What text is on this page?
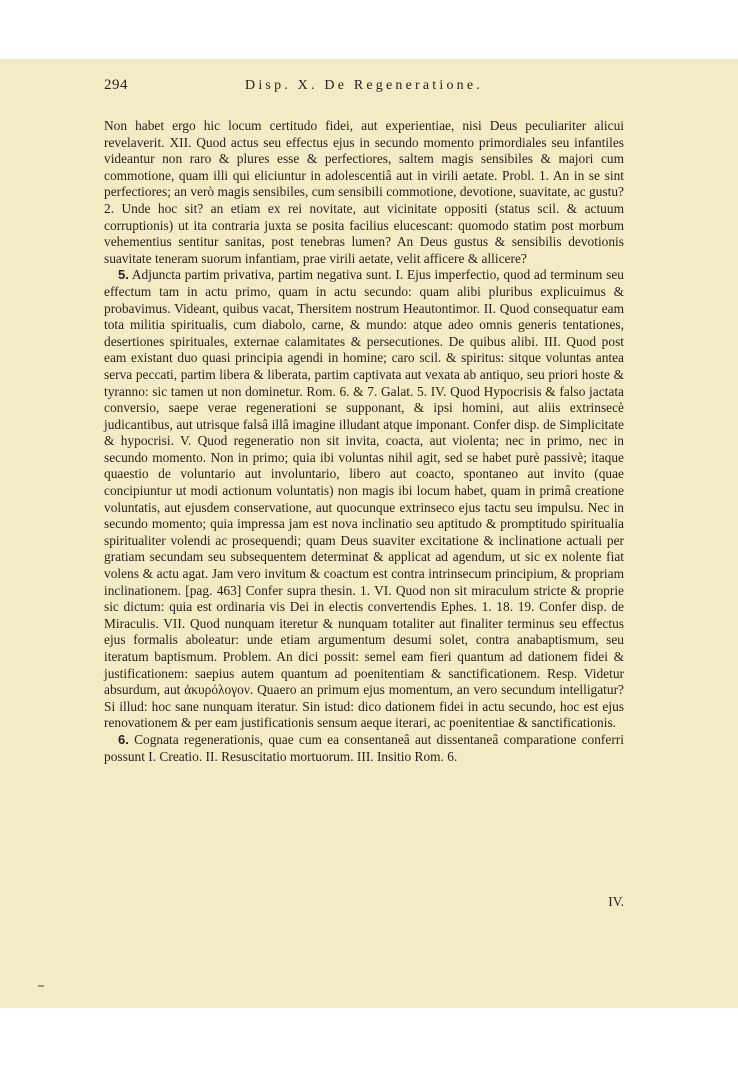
294	Disp. X. De Regeneratione.

Non habet ergo hic locum certitudo fidei, aut experientiae, nisi Deus peculiariter alicui revelaverit. XII. Quod actus seu effectus ejus in secundo momento primordiales seu infantiles videantur non raro & plures esse & perfectiores, saltem magis sensibiles & majori cum commotione, quam illi qui eliciuntur in adolescentiâ aut in virili aetate. Probl. 1. An in se sint perfectiores; an verò magis sensibiles, cum sensibili commotione, devotione, suavitate, ac gustu? 2. Unde hoc sit? an etiam ex rei novitate, aut vicinitate oppositi (status scil. & actuum corruptionis) ut ita contraria juxta se posita facilius elucescant: quomodo statim post morbum vehementius sentitur sanitas, post tenebras lumen? An Deus gustus & sensibilis devotionis suavitate teneram suorum infantiam, prae virili aetate, velit afficere & allicere?

5. Adjuncta partim privativa, partim negativa sunt. I. Ejus imperfectio, quod ad terminum seu effectum tam in actu primo, quam in actu secundo: quam alibi pluribus explicuimus & probavimus. Videant, quibus vacat, Thersitem nostrum Heautontimor. II. Quod consequatur eam tota militia spiritualis, cum diabolo, carne, & mundo: atque adeo omnis generis tentationes, desertiones spirituales, externae calamitates & persecutiones. De quibus alibi. III. Quod post eam existant duo quasi principia agendi in homine; caro scil. & spiritus: sitque voluntas antea serva peccati, partim libera & liberata, partim captivata aut vexata ab antiquo, seu priori hoste & tyranno: sic tamen ut non dominetur. Rom. 6. & 7. Galat. 5. IV. Quod Hypocrisis & falso jactata conversio, saepe verae regenerationi se supponant, & ipsi homini, aut aliis extrinsecè judicantibus, aut utrisque falsâ illâ imagine illudant atque imponant. Confer disp. de Simplicitate & hypocrisi. V. Quod regeneratio non sit invita, coacta, aut violenta; nec in primo, nec in secundo momento. Non in primo; quia ibi voluntas nihil agit, sed se habet purè passivè; itaque quaestio de voluntario aut involuntario, libero aut coacto, spontaneo aut invito (quae concipiuntur ut modi actionum voluntatis) non magis ibi locum habet, quam in primâ creatione voluntatis, aut ejusdem conservatione, aut quocunque extrinseco ejus tactu seu impulsu. Nec in secundo momento; quia impressa jam est nova inclinatio seu aptitudo & promptitudo spiritualia spiritualiter volendi ac prosequendi; quam Deus suaviter excitatione & inclinatione actuali per gratiam secundam seu subsequentem determinat & applicat ad agendum, ut sic ex nolente fiat volens & actu agat. Jam vero invitum & coactum est contra intrinsecum principium, & propriam inclinationem. [pag. 463] Confer supra thesin. 1. VI. Quod non sit miraculum stricte & proprie sic dictum: quia est ordinaria vis Dei in electis convertendis Ephes. 1. 18. 19. Confer disp. de Miraculis. VII. Quod nunquam iteretur & nunquam totaliter aut finaliter terminus seu effectus ejus formalis aboleatur: unde etiam argumentum desumi solet, contra anabaptismum, seu iteratum baptismum. Problem. An dici possit: semel eam fieri quantum ad dationem fidei & justificationem: saepius autem quantum ad poenitentiam & sanctificationem. Resp. Videtur absurdum, aut ἀκυρόλογον. Quaero an primum ejus momentum, an vero secundum intelligatur? Si illud: hoc sane nunquam iteratur. Sin istud: dico dationem fidei in actu secundo, hoc est ejus renovationem & per eam justificationis sensum aeque iterari, ac poenitentiae & sanctificationis.

6. Cognata regenerationis, quae cum ea consentaneâ aut dissentaneâ comparatione conferri possunt I. Creatio. II. Resuscitatio mortuorum. III. Insitio Rom. 6.

IV.
